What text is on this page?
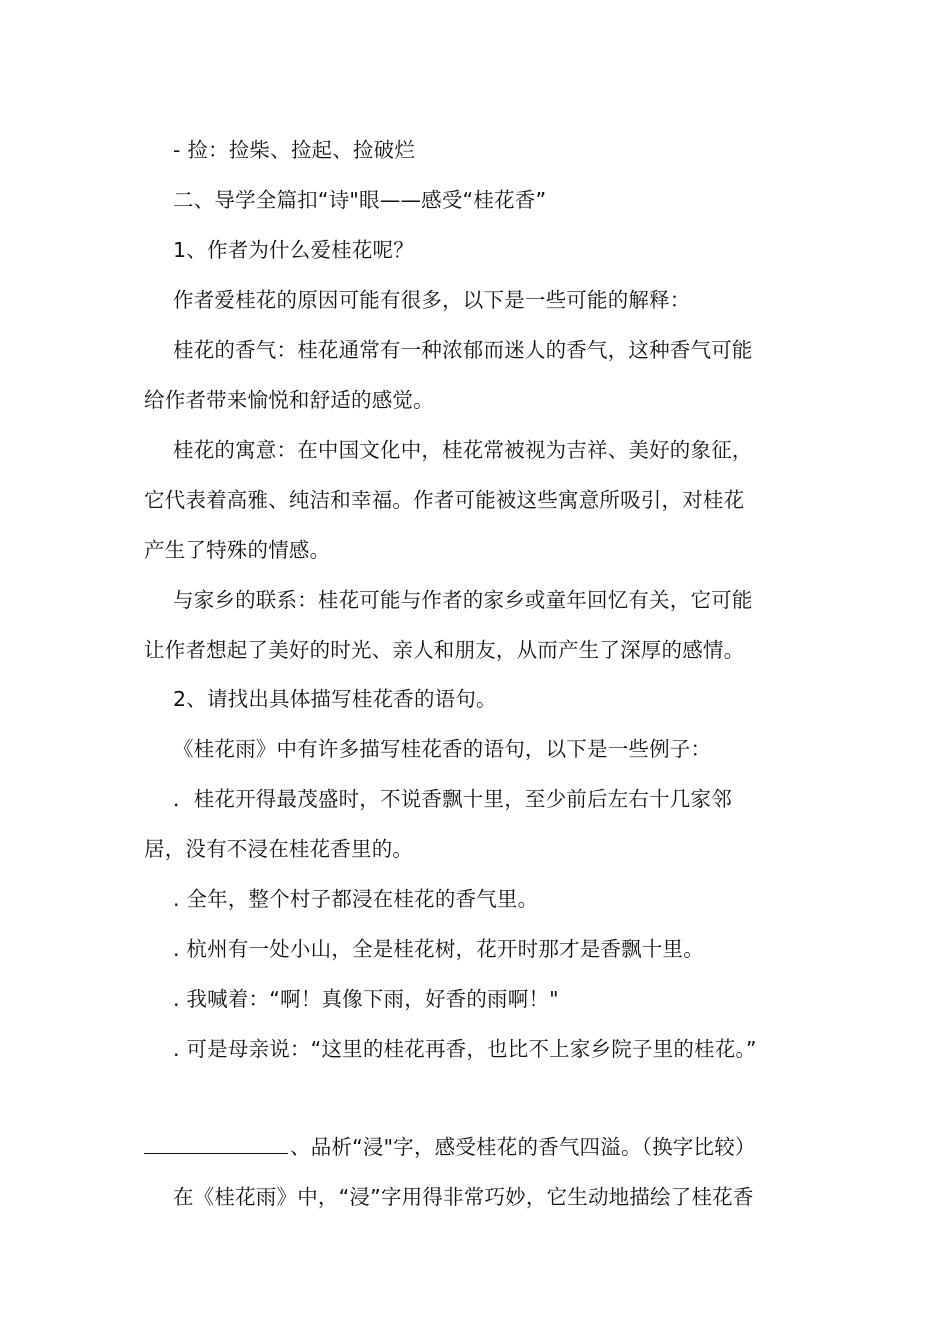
- 捡：捡柴、捡起、捡破烂
二、导学全篇扣“诗"眼——感受“桂花香”
1、作者为什么爱桂花呢？
作者爱桂花的原因可能有很多，以下是一些可能的解释：
桂花的香气：桂花通常有一种浓郁而迷人的香气，这种香气可能
给作者带来愉悦和舒适的感觉。
桂花的寓意：在中国文化中，桂花常被视为吉祥、美好的象征，
它代表着高雅、纯洁和幸福。作者可能被这些寓意所吸引，对桂花
产生了特殊的情感。
与家乡的联系：桂花可能与作者的家乡或童年回忆有关，它可能
让作者想起了美好的时光、亲人和朋友，从而产生了深厚的感情。
2、请找出具体描写桂花香的语句。
《桂花雨》中有许多描写桂花香的语句，以下是一些例子：
．桂花开得最茂盛时，不说香飘十里，至少前后左右十几家邻
居，没有不浸在桂花香里的。
. 全年，整个村子都浸在桂花的香气里。
. 杭州有一处小山，全是桂花树，花开时那才是香飘十里。
. 我喊着：“啊！真像下雨，好香的雨啊！"
. 可是母亲说：“这里的桂花再香，也比不上家乡院子里的桂花。”
、品析“浸"字，感受桂花的香气四溢。（换字比较）
在《桂花雨》中，“浸”字用得非常巧妙，它生动地描绘了桂花香
